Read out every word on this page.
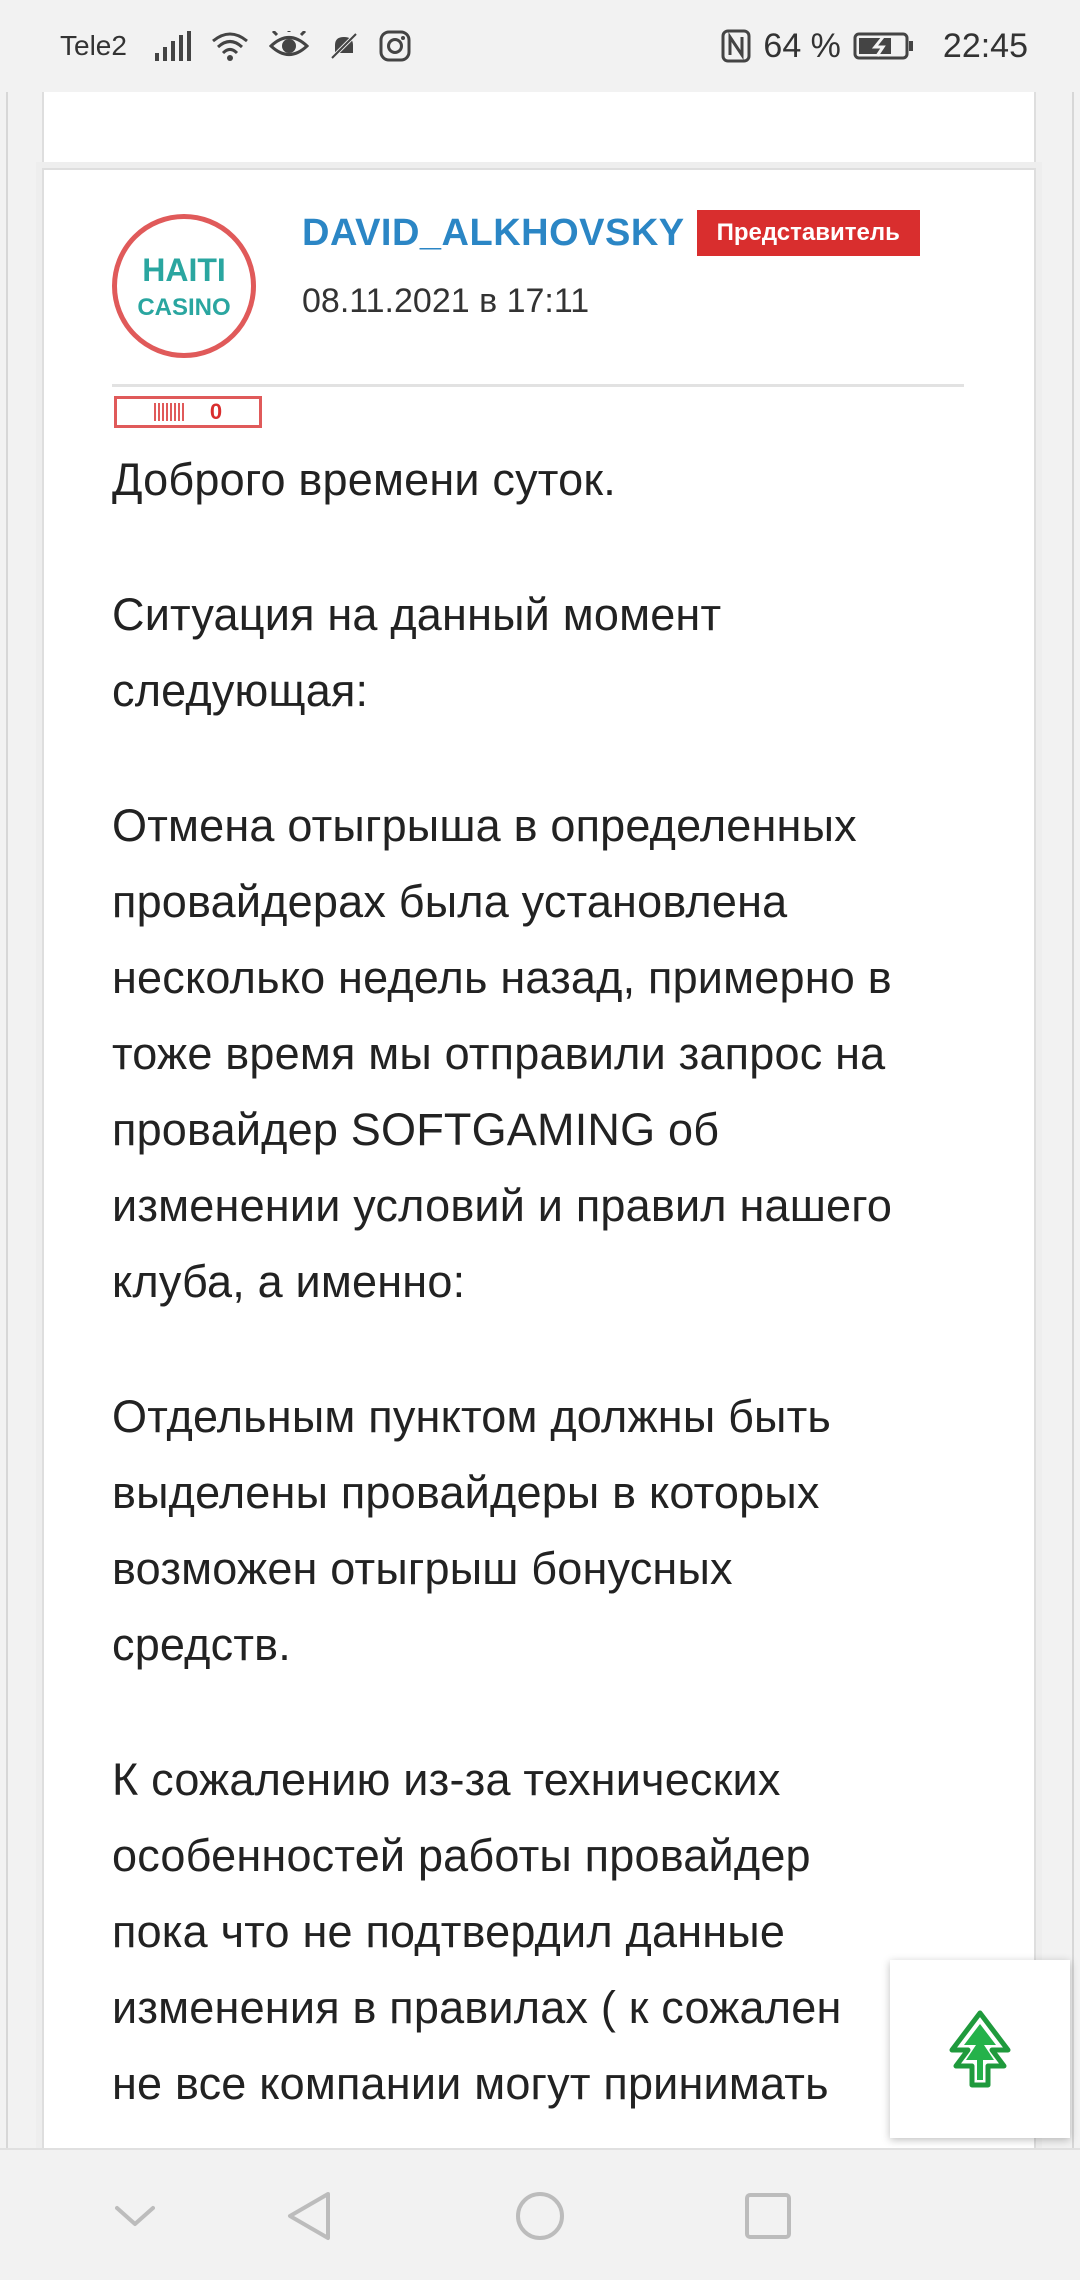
Tele2	64 %	22:45
HAITI
CASINO
DAVID_ALKHOVSKY	Представитель
08.11.2021 в 17:11
0

Доброго времени суток.

Ситуация на данный момент
следующая:

Отмена отыгрыша в определенных
провайдерах была установлена
несколько недель назад, примерно в
тоже время мы отправили запрос на
провайдер SOFTGAMING об
изменении условий и правил нашего
клуба, а именно:

Отдельным пунктом должны быть
выделены провайдеры в которых
возможен отыгрыш бонусных
средств.

К сожалению из-за технических
особенностей работы провайдер
пока что не подтвердил данные
изменения в правилах ( к сожален
не все компании могут принимать
